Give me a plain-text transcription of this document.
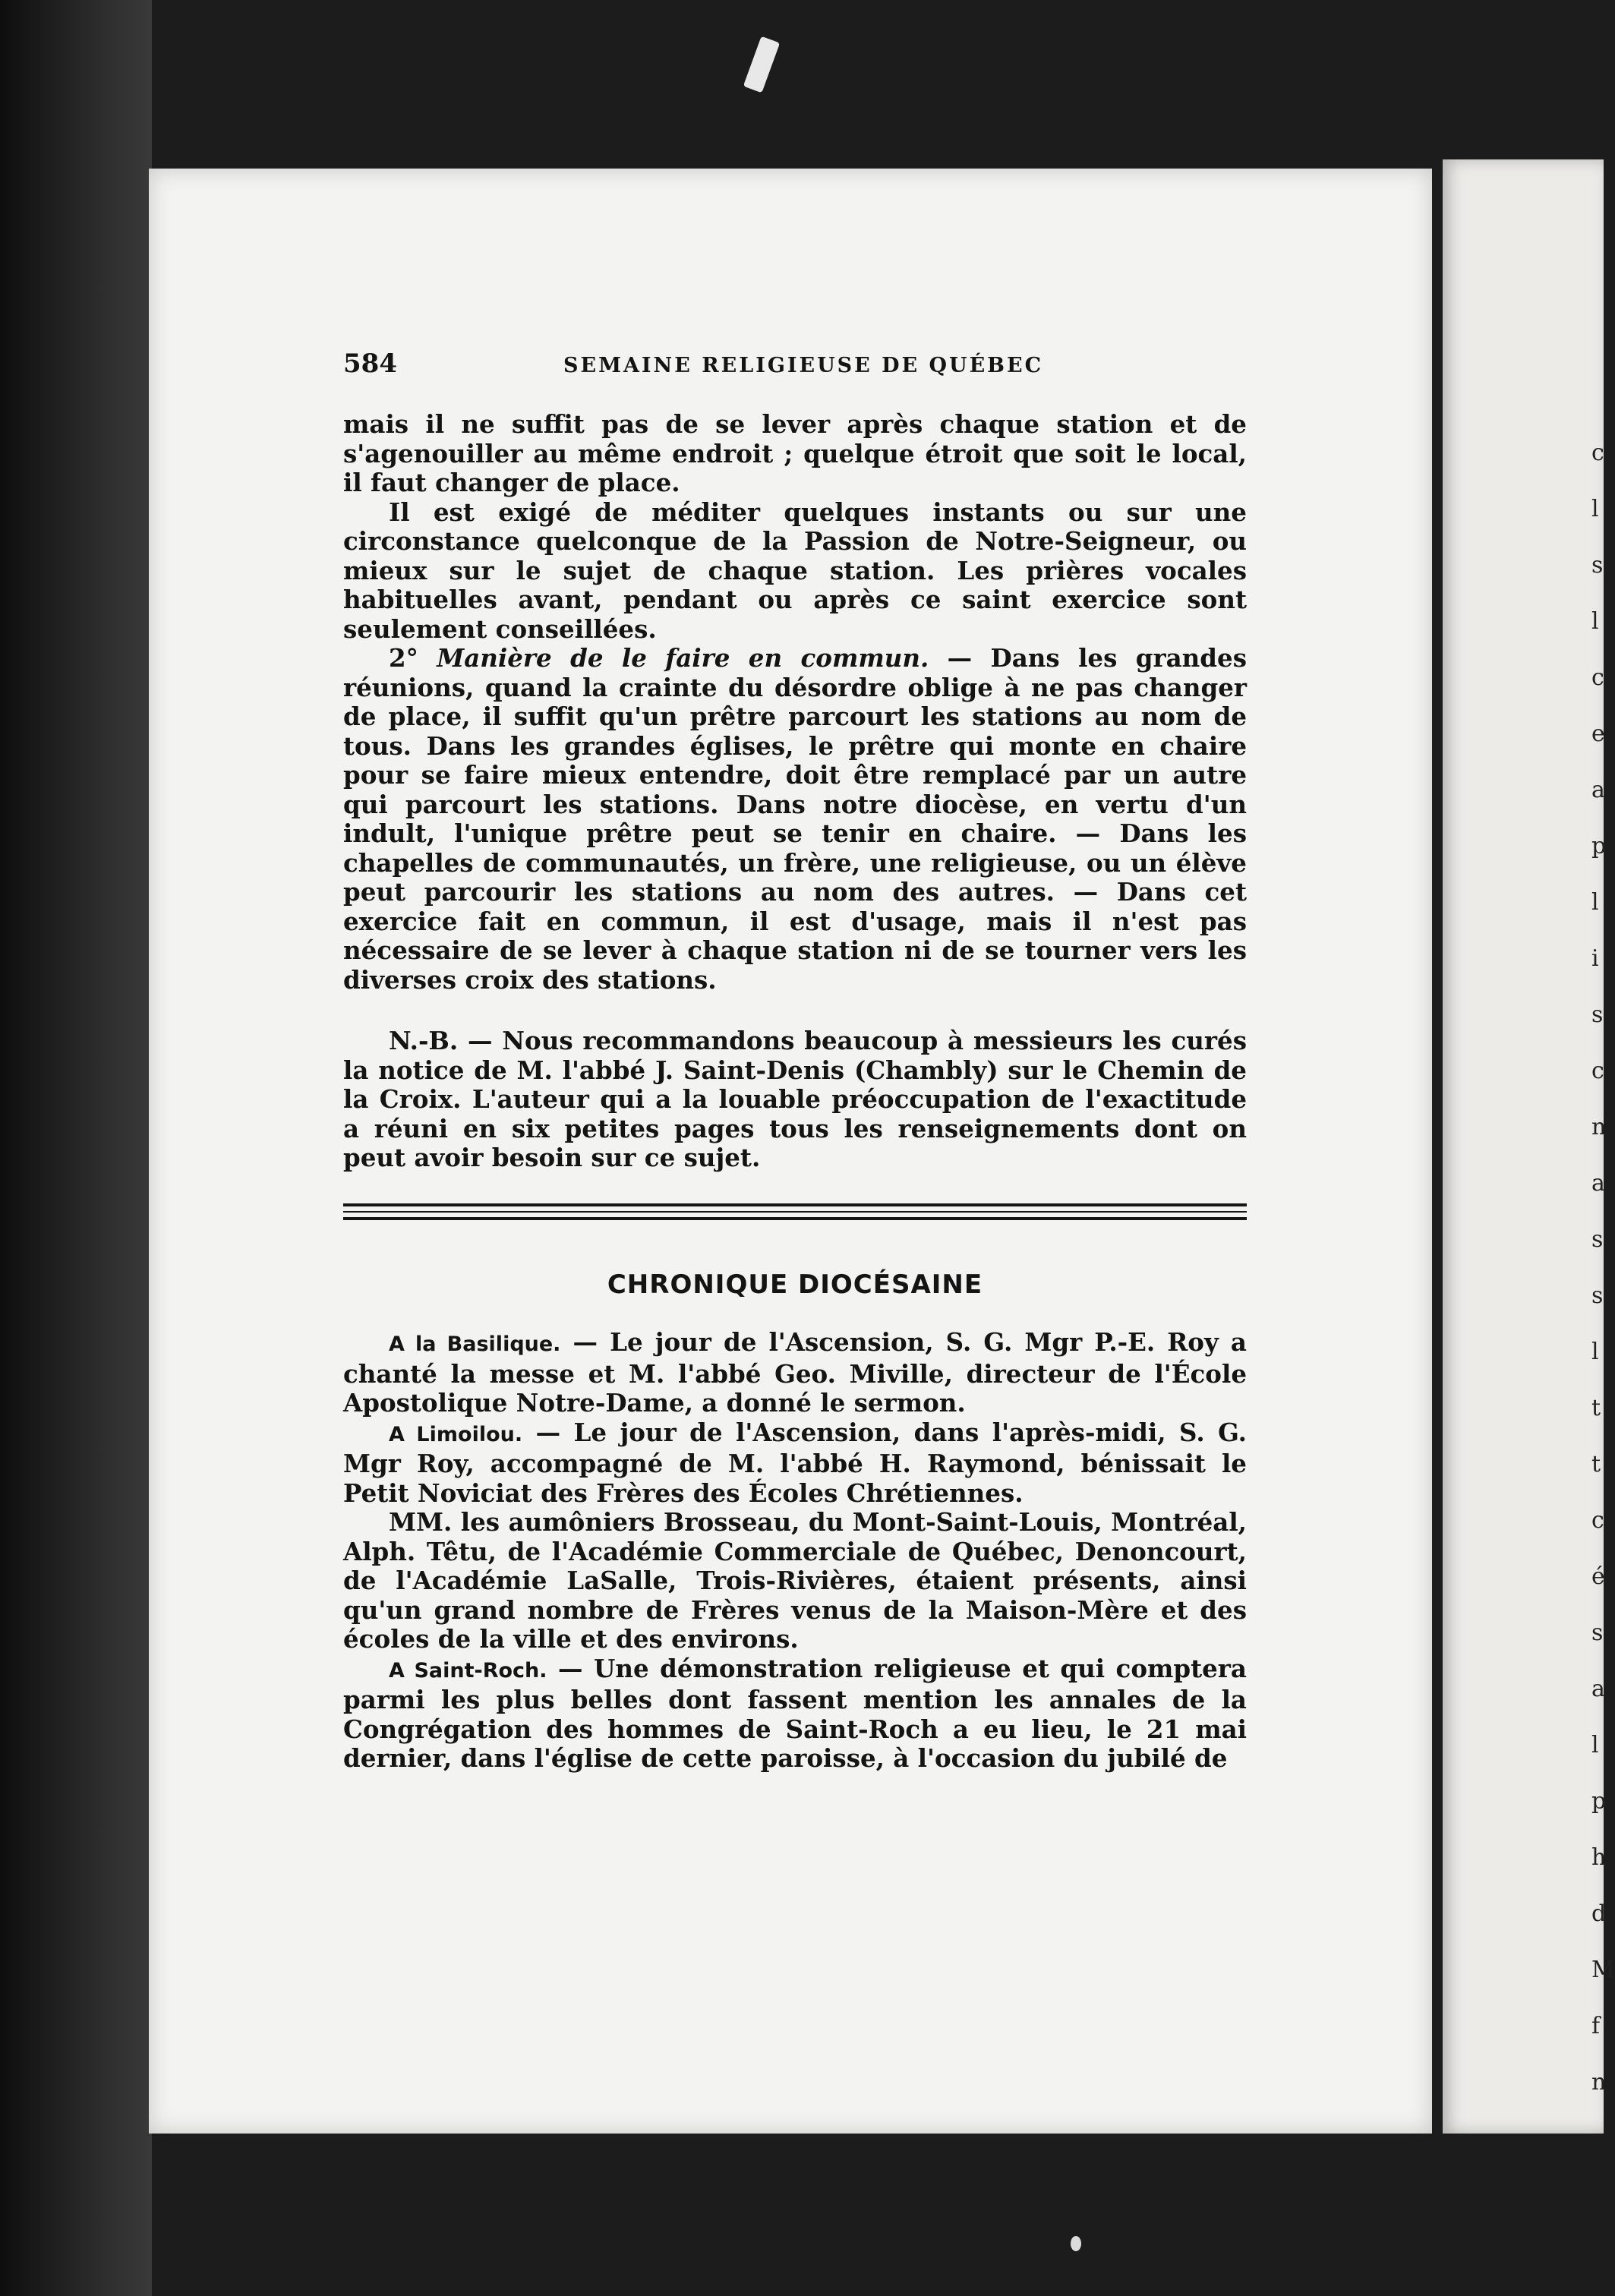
c
l
s
l
c
e
a
p
l
i
s
c
n
a
s
s
l
t
t
c
é
s
a
l
p
h
d
M
f
n
584	SEMAINE RELIGIEUSE DE QUÉBEC

mais il ne suffit pas de se lever après chaque station et de s'agenouiller au même endroit ; quelque étroit que soit le local, il faut changer de place.

Il est exigé de méditer quelques instants ou sur une circonstance quelconque de la Passion de Notre-Seigneur, ou mieux sur le sujet de chaque station. Les prières vocales habituelles avant, pendant ou après ce saint exercice sont seulement conseillées.

2° Manière de le faire en commun. — Dans les grandes réunions, quand la crainte du désordre oblige à ne pas changer de place, il suffit qu'un prêtre parcourt les stations au nom de tous. Dans les grandes églises, le prêtre qui monte en chaire pour se faire mieux entendre, doit être remplacé par un autre qui parcourt les stations. Dans notre diocèse, en vertu d'un indult, l'unique prêtre peut se tenir en chaire. — Dans les chapelles de communautés, un frère, une religieuse, ou un élève peut parcourir les stations au nom des autres. — Dans cet exercice fait en commun, il est d'usage, mais il n'est pas nécessaire de se lever à chaque station ni de se tourner vers les diverses croix des stations.

N.-B. — Nous recommandons beaucoup à messieurs les curés la notice de M. l'abbé J. Saint-Denis (Chambly) sur le Chemin de la Croix. L'auteur qui a la louable préoccupation de l'exactitude a réuni en six petites pages tous les renseignements dont on peut avoir besoin sur ce sujet.

CHRONIQUE DIOCÉSAINE

A la Basilique. — Le jour de l'Ascension, S. G. Mgr P.-E. Roy a chanté la messe et M. l'abbé Geo. Miville, directeur de l'École Apostolique Notre-Dame, a donné le sermon.

A Limoilou. — Le jour de l'Ascension, dans l'après-midi, S. G. Mgr Roy, accompagné de M. l'abbé H. Raymond, bénissait le Petit Noviciat des Frères des Écoles Chrétiennes.

MM. les aumôniers Brosseau, du Mont-Saint-Louis, Montréal, Alph. Têtu, de l'Académie Commerciale de Québec, Denoncourt, de l'Académie LaSalle, Trois-Rivières, étaient présents, ainsi qu'un grand nombre de Frères venus de la Maison-Mère et des écoles de la ville et des environs.

A Saint-Roch. — Une démonstration religieuse et qui comptera parmi les plus belles dont fassent mention les annales de la Congrégation des hommes de Saint-Roch a eu lieu, le 21 mai dernier, dans l'église de cette paroisse, à l'occasion du jubilé de
